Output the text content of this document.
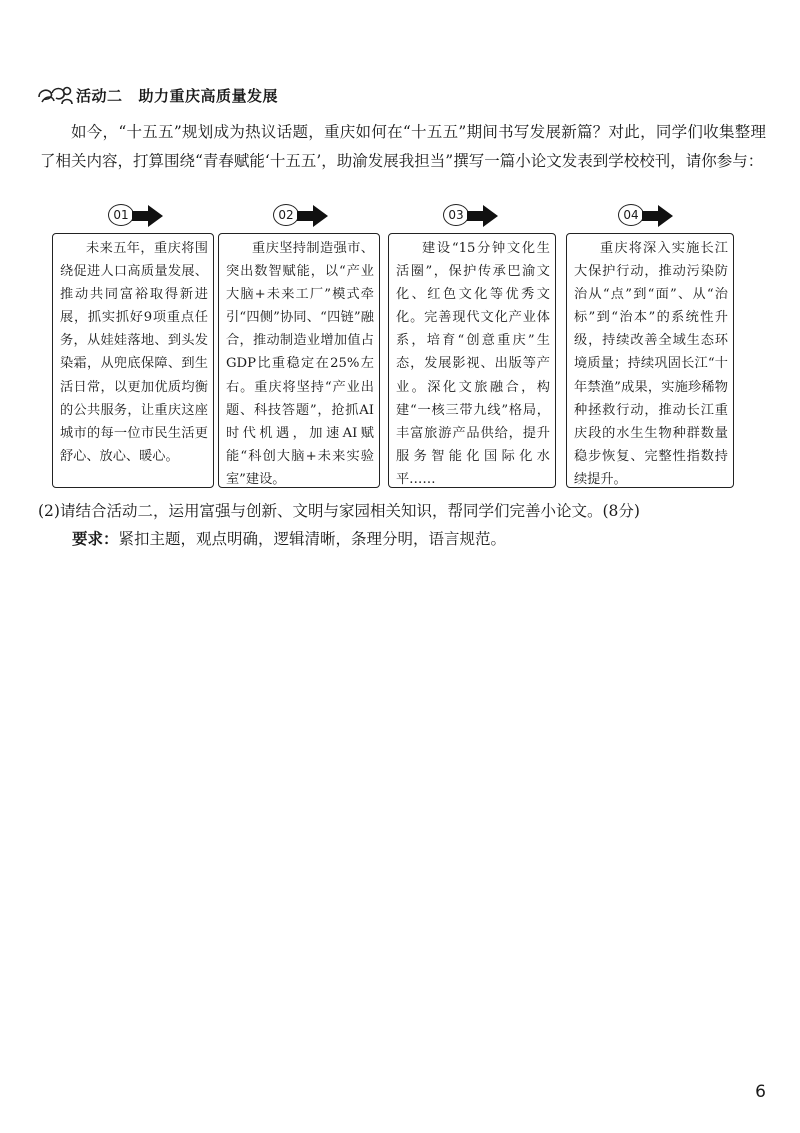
活动二 助力重庆高质量发展

如今，“十五五”规划成为热议话题，重庆如何在“十五五”期间书写发展新篇？对此，同学们收集整理了相关内容，打算围绕“青春赋能‘十五五’，助渝发展我担当”撰写一篇小论文发表到学校校刊，请你参与：

01
未来五年，重庆将围绕促进人口高质量发展、推动共同富裕取得新进展，抓实抓好9项重点任务，从娃娃落地、到头发染霜，从兜底保障、到生活日常，以更加优质均衡的公共服务，让重庆这座城市的每一位市民生活更舒心、放心、暖心。
02
重庆坚持制造强市、突出数智赋能，以“产业大脑+未来工厂”模式牵引“四侧”协同、“四链”融合，推动制造业增加值占GDP比重稳定在25%左右。重庆将坚持“产业出题、科技答题”，抢抓AI时代机遇，加速AI赋能“科创大脑+未来实验室”建设。
03
建设“15分钟文化生活圈”，保护传承巴渝文化、红色文化等优秀文化。完善现代文化产业体系，培育“创意重庆”生态，发展影视、出版等产业。深化文旅融合，构建“一核三带九线”格局，丰富旅游产品供给，提升服务智能化国际化水平……
04
重庆将深入实施长江大保护行动，推动污染防治从“点”到“面”、从“治标”到“治本”的系统性升级，持续改善全域生态环境质量；持续巩固长江“十年禁渔”成果，实施珍稀物种拯救行动，推动长江重庆段的水生生物种群数量稳步恢复、完整性指数持续提升。

(2)请结合活动二，运用富强与创新、文明与家园相关知识，帮同学们完善小论文。(8分)

要求：紧扣主题，观点明确，逻辑清晰，条理分明，语言规范。

6
